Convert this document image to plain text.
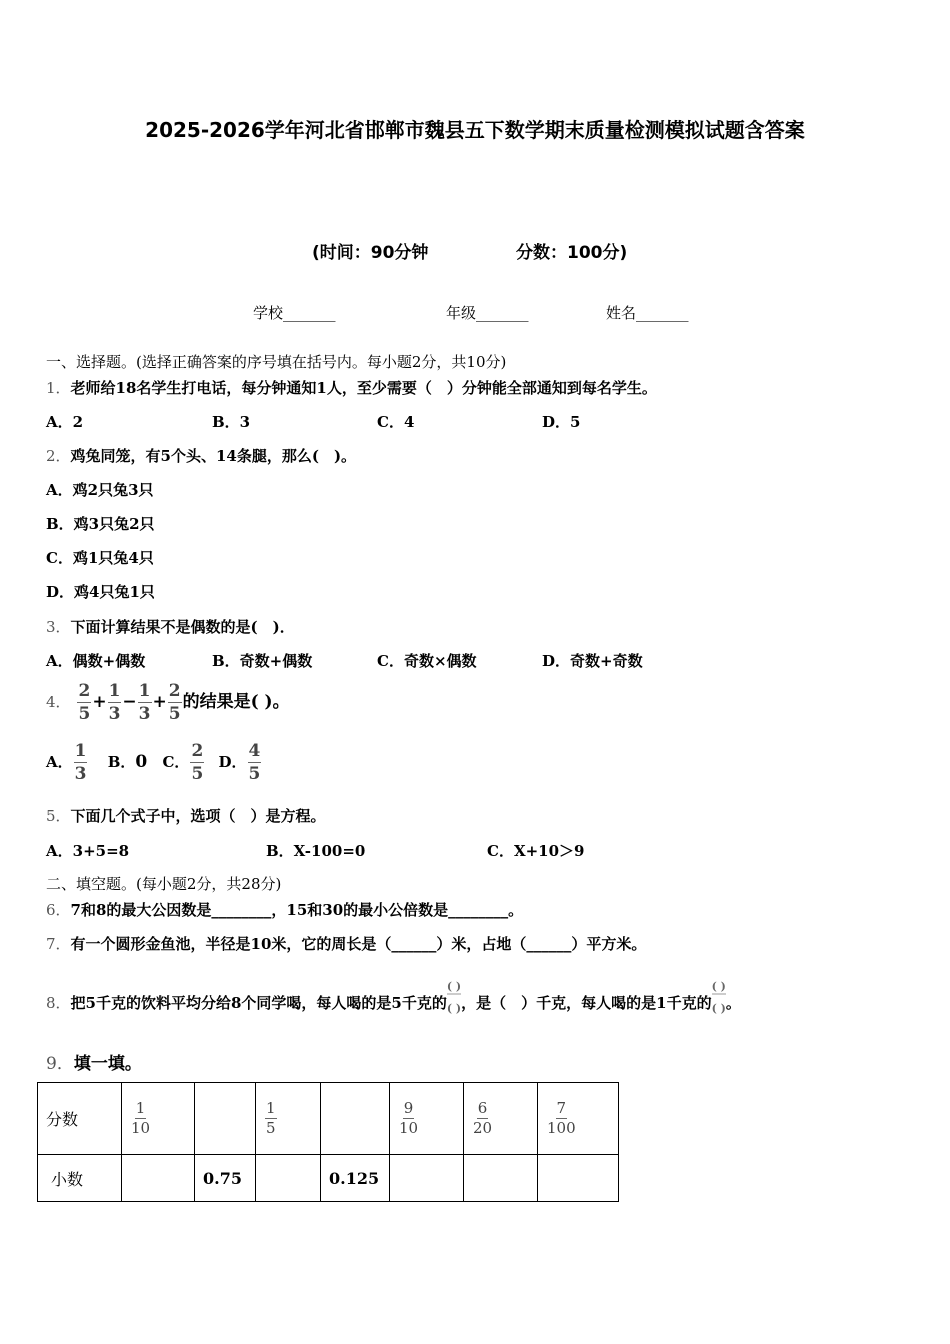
2025-2026学年河北省邯郸市魏县五下数学期末质量检测模拟试题含答案
(时间：90分钟	分数：100分)
学校_______	年级_______	姓名_______
一、选择题。(选择正确答案的序号填在括号内。每小题2分，共10分)
1．老师给18名学生打电话，每分钟通知1人，至少需要（　）分钟能全部通知到每名学生。
A．2	B．3	C．4	D．5
2．鸡兔同笼，有5个头、14条腿，那么(　)。
A．鸡2只兔3只
B．鸡3只兔2只
C．鸡1只兔4只
D．鸡4只兔1只
3．下面计算结果不是偶数的是(　)．
A．偶数+偶数	B．奇数+偶数	C．奇数×偶数	D．奇数+奇数
4． $\frac{2}{5} + \frac{1}{3} - \frac{1}{3} + \frac{2}{5}$ 的结果是( )。
A． $\frac{1}{3}$ B．0 C． $\frac{2}{5}$ D． $\frac{4}{5}$
5．下面几个式子中，选项（　）是方程。
A．3+5=8	B．X-100=0	C．X+10＞9
二、填空题。(每小题2分，共28分)
6．7和8的最大公因数是________，15和30的最小公倍数是________。
7．有一个圆形金鱼池，半径是10米，它的周长是（______）米，占地（______）平方米。
8．把5千克的饮料平均分给8个同学喝，每人喝的是5千克的
( )
( ) ，是（　）千克，每人喝的是1千克的
( )
( ) 。
9．填一填。
分数	$\frac{1}{10}$		$\frac{1}{5}$		$\frac{9}{10}$	$\frac{6}{20}$	$\frac{7}{100}$

小数		0.75		0.125			
